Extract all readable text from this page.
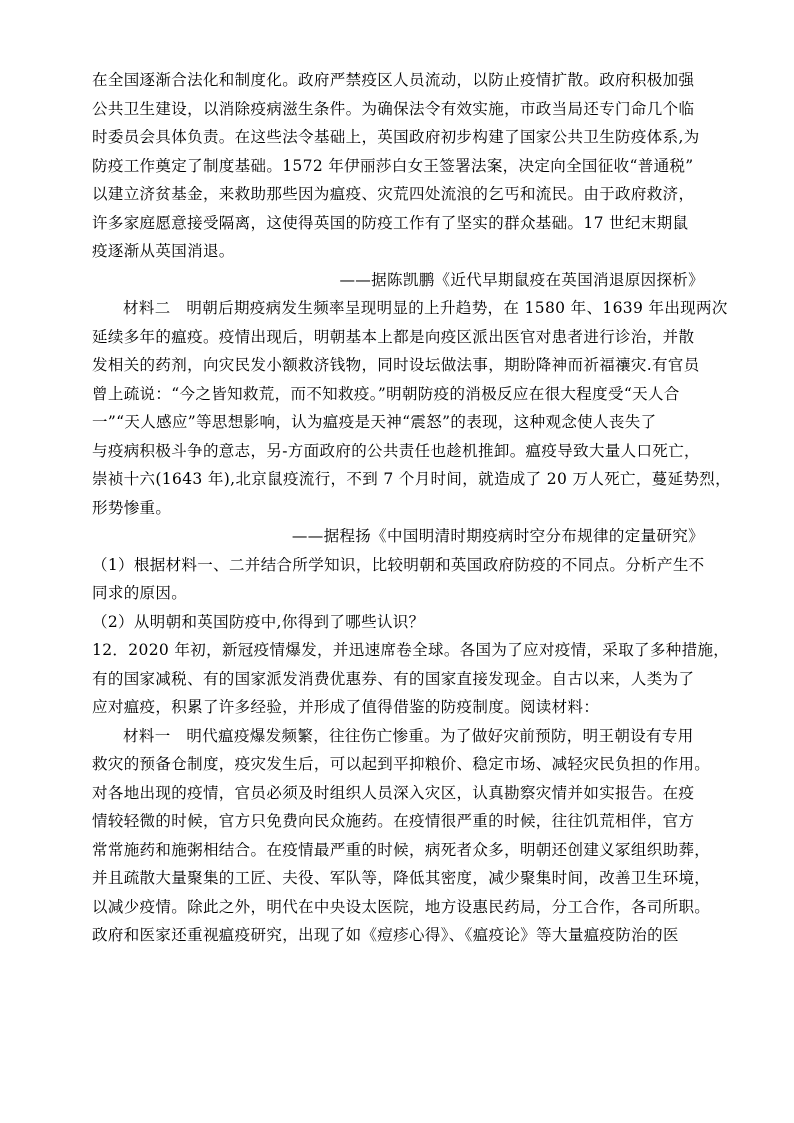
在全国逐渐合法化和制度化。政府严禁疫区人员流动，以防止疫情扩散。政府积极加强
公共卫生建设，以消除疫病滋生条件。为确保法令有效实施，市政当局还专门命几个临
时委员会具体负责。在这些法令基础上，英国政府初步构建了国家公共卫生防疫体系,为
防疫工作奠定了制度基础。1572 年伊丽莎白女王签署法案，决定向全国征收“普通税”
以建立济贫基金，来救助那些因为瘟疫、灾荒四处流浪的乞丐和流民。由于政府救济，
许多家庭愿意接受隔离，这使得英国的防疫工作有了坚实的群众基础。17 世纪末期鼠
疫逐渐从英国消退。
——据陈凯鹏《近代早期鼠疫在英国消退原因探析》
材料二　明朝后期疫病发生频率呈现明显的上升趋势，在 1580 年、1639 年出现两次
延续多年的瘟疫。疫情出现后，明朝基本上都是向疫区派出医官对患者进行诊治，并散
发相关的药剂，向灾民发小额救济钱物，同时设坛做法事，期盼降神而祈福禳灾.有官员
曾上疏说：“今之皆知救荒，而不知救疫。”明朝防疫的消极反应在很大程度受“天人合
一”“天人感应”等思想影响，认为瘟疫是天神“震怒”的表现，这种观念使人丧失了
与疫病积极斗争的意志，另-方面政府的公共责任也趁机推卸。瘟疫导致大量人口死亡，
崇祯十六(1643 年),北京鼠疫流行，不到 7 个月时间，就造成了 20 万人死亡，蔓延势烈，
形势惨重。
——据程扬《中国明清时期疫病时空分布规律的定量研究》
（1）根据材料一、二并结合所学知识，比较明朝和英国政府防疫的不同点。分析产生不
同求的原因。
（2）从明朝和英国防疫中,你得到了哪些认识？
12．2020 年初，新冠疫情爆发，并迅速席卷全球。各国为了应对疫情，采取了多种措施，
有的国家减税、有的国家派发消费优惠券、有的国家直接发现金。自古以来，人类为了
应对瘟疫，积累了许多经验，并形成了值得借鉴的防疫制度。阅读材料：
材料一　明代瘟疫爆发频繁，往往伤亡惨重。为了做好灾前预防，明王朝设有专用
救灾的预备仓制度，疫灾发生后，可以起到平抑粮价、稳定市场、减轻灾民负担的作用。
对各地出现的疫情，官员必须及时组织人员深入灾区，认真勘察灾情并如实报告。在疫
情较轻微的时候，官方只免费向民众施药。在疫情很严重的时候，往往饥荒相伴，官方
常常施药和施粥相结合。在疫情最严重的时候，病死者众多，明朝还创建义冢组织助葬，
并且疏散大量聚集的工匠、夫役、军队等，降低其密度，减少聚集时间，改善卫生环境，
以减少疫情。除此之外，明代在中央设太医院，地方设惠民药局，分工合作，各司所职。
政府和医家还重视瘟疫研究，出现了如《痘疹心得》、《瘟疫论》等大量瘟疫防治的医
